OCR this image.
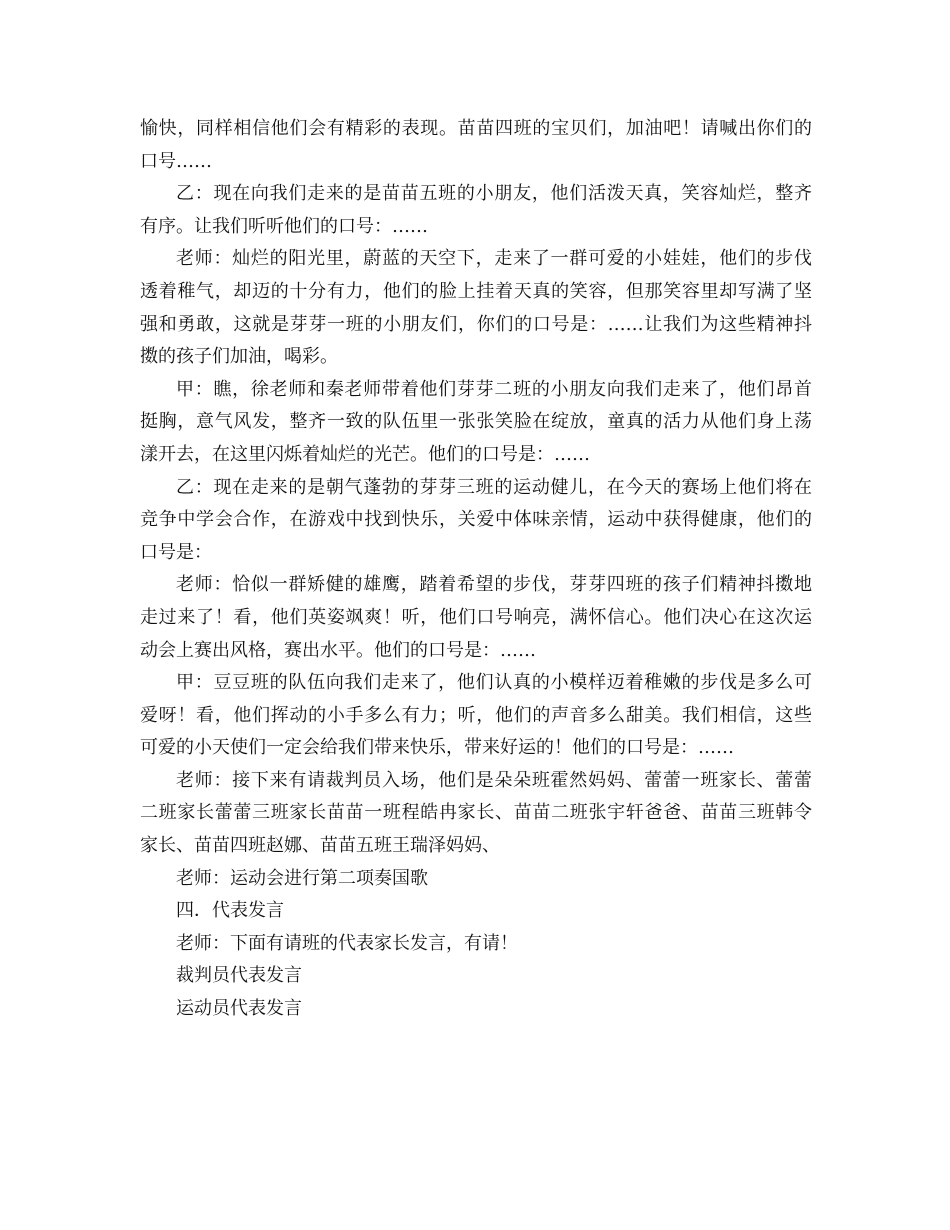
愉快，同样相信他们会有精彩的表现。苗苗四班的宝贝们，加油吧！请喊出你们的
口号……
乙：现在向我们走来的是苗苗五班的小朋友，他们活泼天真，笑容灿烂，整齐
有序。让我们听听他们的口号：……
老师：灿烂的阳光里，蔚蓝的天空下，走来了一群可爱的小娃娃，他们的步伐
透着稚气，却迈的十分有力，他们的脸上挂着天真的笑容，但那笑容里却写满了坚
强和勇敢，这就是芽芽一班的小朋友们，你们的口号是：……让我们为这些精神抖
擞的孩子们加油，喝彩。
甲：瞧，徐老师和秦老师带着他们芽芽二班的小朋友向我们走来了，他们昂首
挺胸，意气风发，整齐一致的队伍里一张张笑脸在绽放，童真的活力从他们身上荡
漾开去，在这里闪烁着灿烂的光芒。他们的口号是：……
乙：现在走来的是朝气蓬勃的芽芽三班的运动健儿，在今天的赛场上他们将在
竞争中学会合作，在游戏中找到快乐，关爱中体味亲情，运动中获得健康，他们的
口号是：
老师：恰似一群矫健的雄鹰，踏着希望的步伐，芽芽四班的孩子们精神抖擞地
走过来了！看，他们英姿飒爽！听，他们口号响亮，满怀信心。他们决心在这次运
动会上赛出风格，赛出水平。他们的口号是：……
甲：豆豆班的队伍向我们走来了，他们认真的小模样迈着稚嫩的步伐是多么可
爱呀！看，他们挥动的小手多么有力；听，他们的声音多么甜美。我们相信，这些
可爱的小天使们一定会给我们带来快乐，带来好运的！他们的口号是：……
老师：接下来有请裁判员入场，他们是朵朵班霍然妈妈、蕾蕾一班家长、蕾蕾
二班家长蕾蕾三班家长苗苗一班程皓冉家长、苗苗二班张宇轩爸爸、苗苗三班韩令
家长、苗苗四班赵娜、苗苗五班王瑞泽妈妈、
老师：运动会进行第二项奏国歌
四．代表发言
老师：下面有请班的代表家长发言，有请！
裁判员代表发言
运动员代表发言
